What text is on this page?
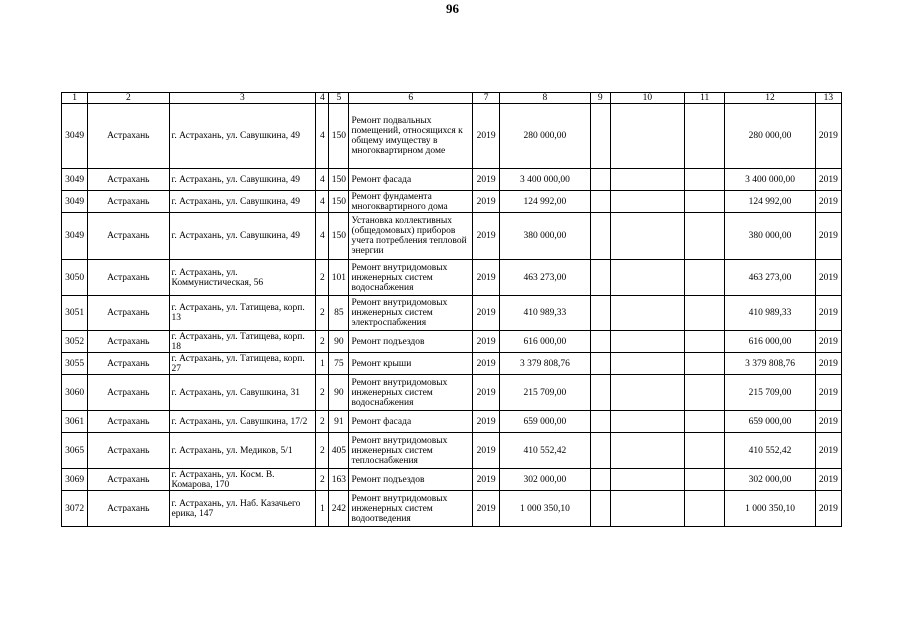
96
1	2	3	4	5	6	7	8	9	10	11	12	13
3049	Астрахань	г. Астрахань, ул. Савушкина, 49	4	150	Ремонт подвальных помещений, относящихся к общему имуществу в многоквартирном доме	2019	280 000,00				280 000,00	2019
3049	Астрахань	г. Астрахань, ул. Савушкина, 49	4	150	Ремонт фасада	2019	3 400 000,00				3 400 000,00	2019
3049	Астрахань	г. Астрахань, ул. Савушкина, 49	4	150	Ремонт фундамента многоквартирного дома	2019	124 992,00				124 992,00	2019
3049	Астрахань	г. Астрахань, ул. Савушкина, 49	4	150	Установка коллективных (общедомовых) приборов учета потребления тепловой энергии	2019	380 000,00				380 000,00	2019
3050	Астрахань	г. Астрахань, ул. Коммунистическая, 56	2	101	Ремонт внутридомовых инженерных систем водоснабжения	2019	463 273,00				463 273,00	2019
3051	Астрахань	г. Астрахань, ул. Татищева, корп. 13	2	85	Ремонт внутридомовых инженерных систем электроспабжения	2019	410 989,33				410 989,33	2019
3052	Астрахань	г. Астрахань, ул. Татищева, корп. 18	2	90	Ремонт подъездов	2019	616 000,00				616 000,00	2019
3055	Астрахань	г. Астрахань, ул. Татищева, корп. 27	1	75	Ремонт крыши	2019	3 379 808,76				3 379 808,76	2019
3060	Астрахань	г. Астрахань, ул. Савушкина, 31	2	90	Ремонт внутридомовых инженерных систем водоснабжения	2019	215 709,00				215 709,00	2019
3061	Астрахань	г. Астрахань, ул. Савушкина, 17/2	2	91	Ремонт фасада	2019	659 000,00				659 000,00	2019
3065	Астрахань	г. Астрахань, ул. Медиков, 5/1	2	405	Ремонт внутридомовых инженерных систем теплоснабжения	2019	410 552,42				410 552,42	2019
3069	Астрахань	г. Астрахань, ул. Косм. В. Комарова, 170	2	163	Ремонт подъездов	2019	302 000,00				302 000,00	2019
3072	Астрахань	г. Астрахань, ул. Наб. Казачьего ерика, 147	1	242	Ремонт внутридомовых инженерных систем водоотведения	2019	1 000 350,10				1 000 350,10	2019
